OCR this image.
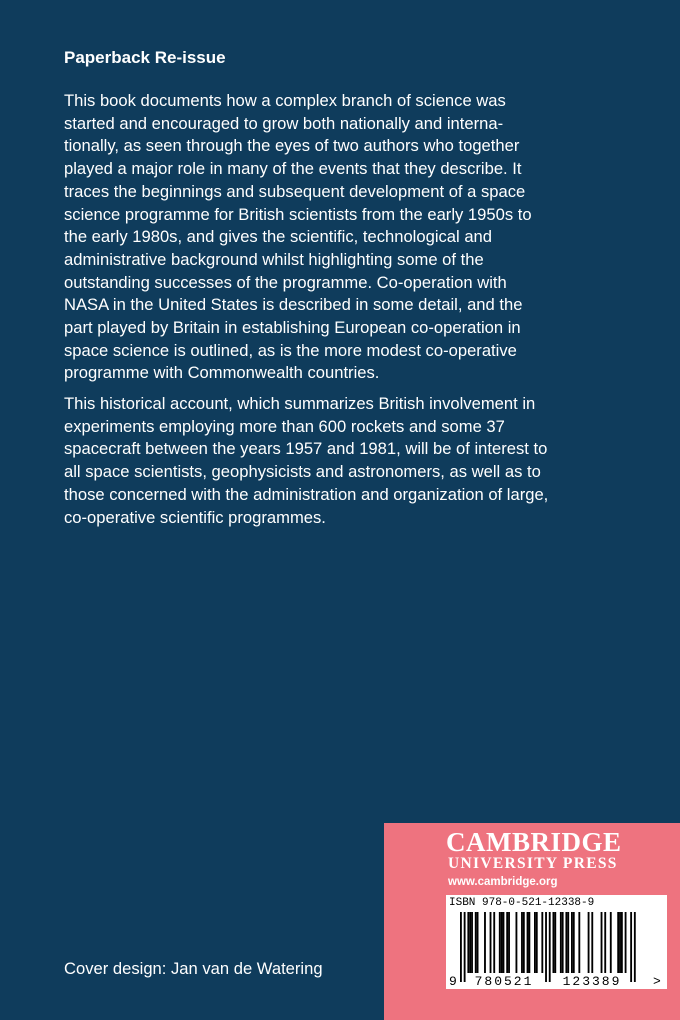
Paperback Re-issue

This book documents how a complex branch of science was
started and encouraged to grow both nationally and interna-
tionally, as seen through the eyes of two authors who together
played a major role in many of the events that they describe. It
traces the beginnings and subsequent development of a space
science programme for British scientists from the early 1950s to
the early 1980s, and gives the scientific, technological and
administrative background whilst highlighting some of the
outstanding successes of the programme. Co-operation with
NASA in the United States is described in some detail, and the
part played by Britain in establishing European co-operation in
space science is outlined, as is the more modest co-operative
programme with Commonwealth countries.

This historical account, which summarizes British involvement in
experiments employing more than 600 rockets and some 37
spacecraft between the years 1957 and 1981, will be of interest to
all space scientists, geophysicists and astronomers, as well as to
those concerned with the administration and organization of large,
co-operative scientific programmes.

Cover design: Jan van de Watering
CAMBRIDGE
UNIVERSITY PRESS
www.cambridge.org
9 780521 123389 >
ISBN 978-0-521-12338-9
